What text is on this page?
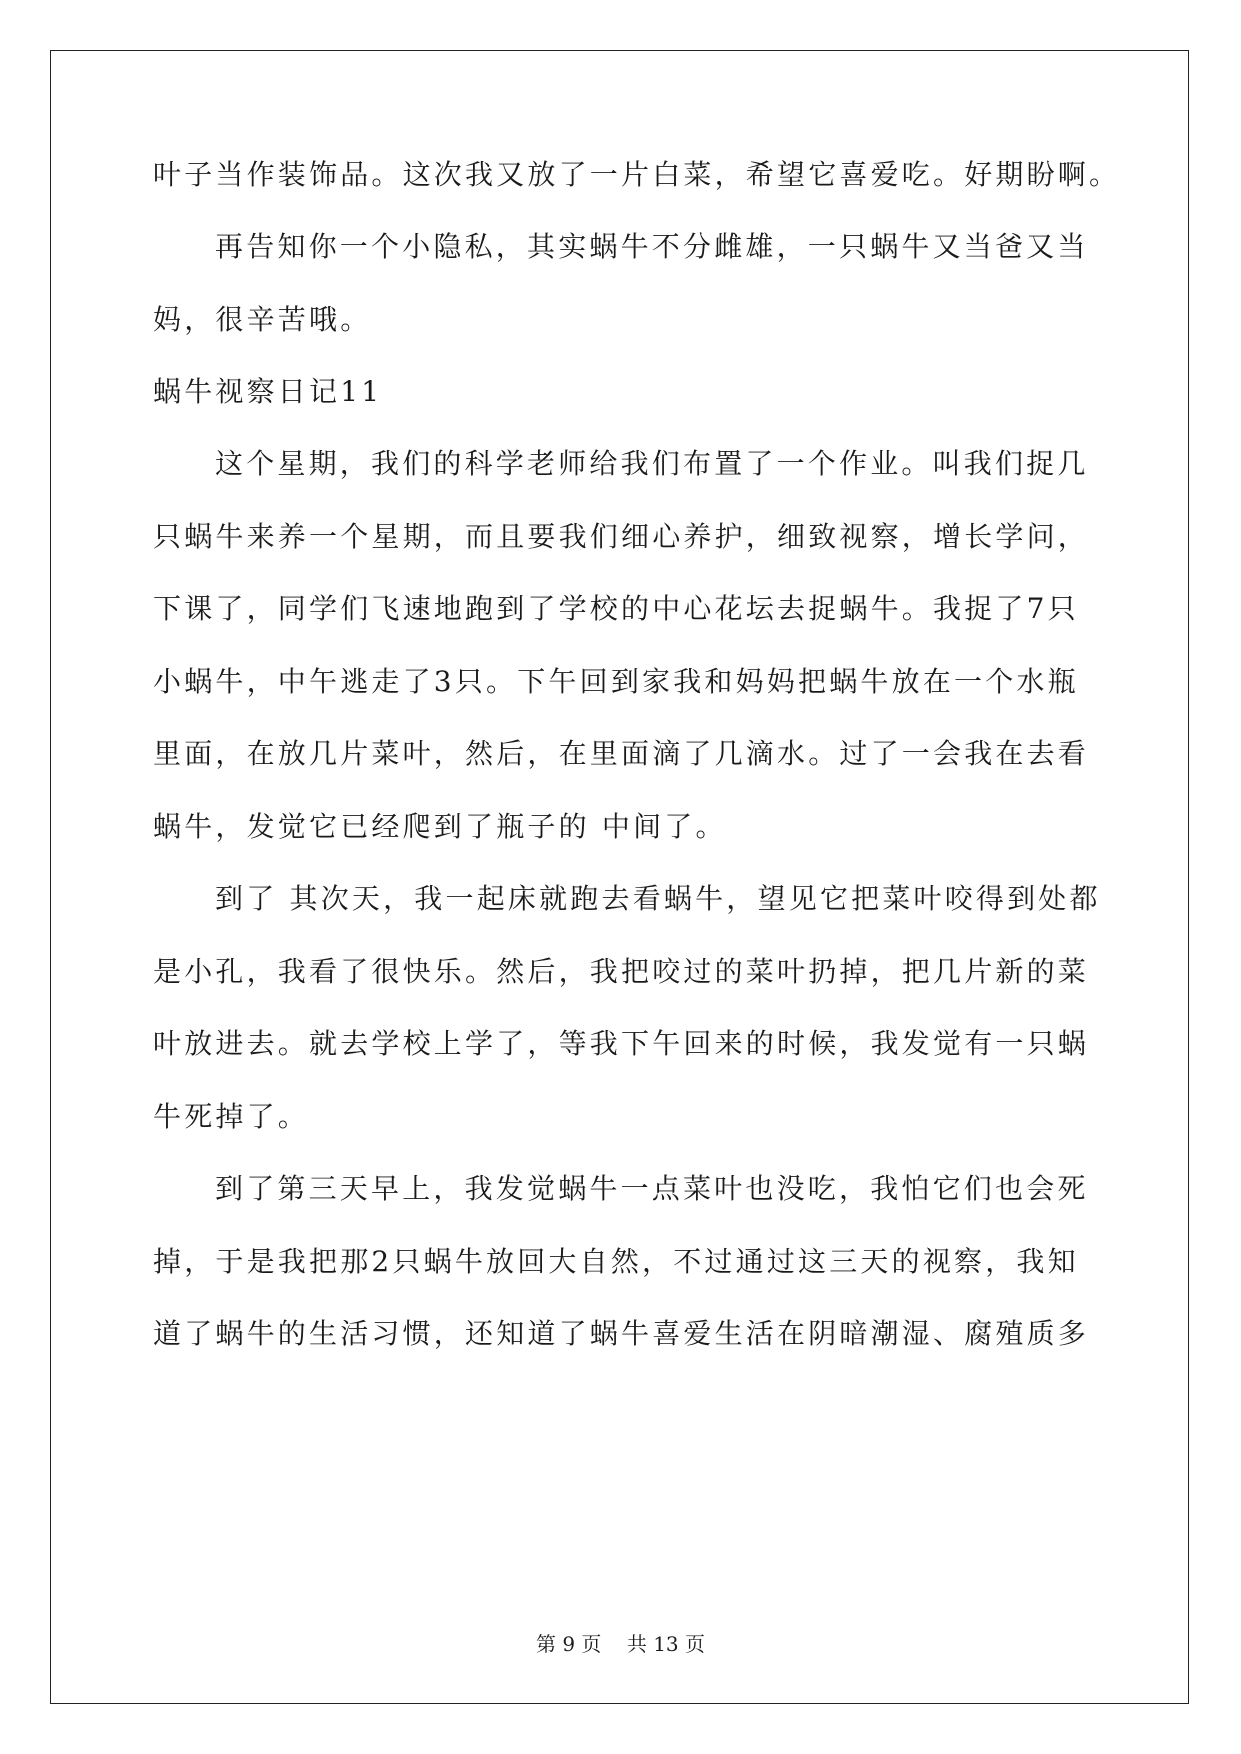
叶子当作装饰品。这次我又放了一片白菜，希望它喜爱吃。好期盼啊。
再告知你一个小隐私，其实蜗牛不分雌雄，一只蜗牛又当爸又当
妈，很辛苦哦。
蜗牛视察日记11
这个星期，我们的科学老师给我们布置了一个作业。叫我们捉几
只蜗牛来养一个星期，而且要我们细心养护，细致视察，增长学问，
下课了，同学们飞速地跑到了学校的中心花坛去捉蜗牛。我捉了7只
小蜗牛，中午逃走了3只。下午回到家我和妈妈把蜗牛放在一个水瓶
里面，在放几片菜叶，然后，在里面滴了几滴水。过了一会我在去看
蜗牛，发觉它已经爬到了瓶子的 中间了。
到了 其次天，我一起床就跑去看蜗牛，望见它把菜叶咬得到处都
是小孔，我看了很快乐。然后，我把咬过的菜叶扔掉，把几片新的菜
叶放进去。就去学校上学了，等我下午回来的时候，我发觉有一只蜗
牛死掉了。
到了第三天早上，我发觉蜗牛一点菜叶也没吃，我怕它们也会死
掉，于是我把那2只蜗牛放回大自然，不过通过这三天的视察，我知
道了蜗牛的生活习惯，还知道了蜗牛喜爱生活在阴暗潮湿、腐殖质多
第 9 页    共 13 页
